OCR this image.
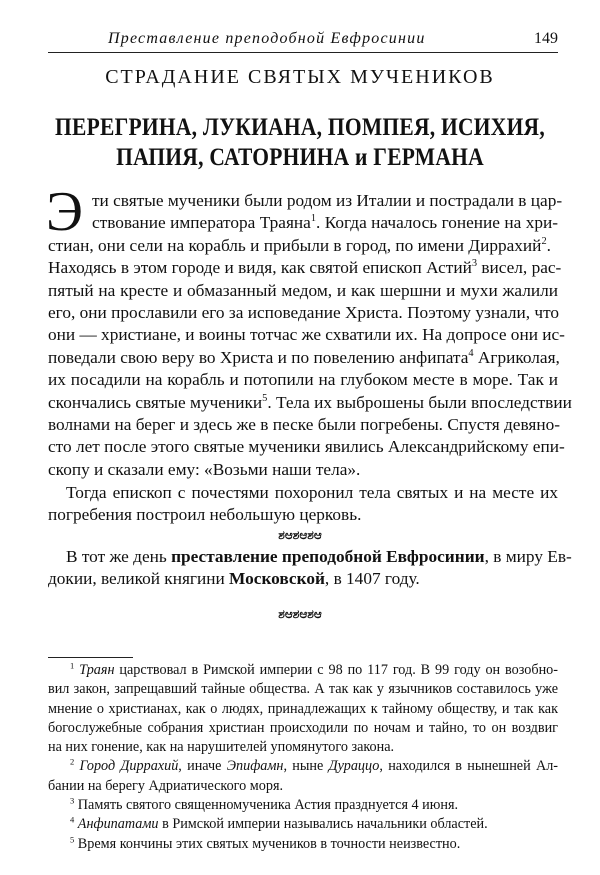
Преставление преподобной Евфросинии	149
СТРАДАНИЕ СВЯТЫХ МУЧЕНИКОВ
ПЕРЕГРИНА, ЛУКИАНА, ПОМПЕЯ, ИСИХИЯ,
ПАПИЯ, САТОРНИНА и ГЕРМАНА
Э ти святые мученики были родом из Италии и пострадали в цар-
ствование императора Траяна$^1$. Когда началось гонение на хри-
стиан, они сели на корабль и прибыли в город, по имени Диррахий$^2$.
Находясь в этом городе и видя, как святой епископ Астий$^3$ висел, рас-
пятый на кресте и обмазанный медом, и как шершни и мухи жалили
его, они прославили его за исповедание Христа. Поэтому узнали, что
они — христиане, и воины тотчас же схватили их. На допросе они ис-
поведали свою веру во Христа и по повелению анфипата$^4$ Агриколая,
их посадили на корабль и потопили на глубоком месте в море. Так и
скончались святые мученики$^5$. Тела их выброшены были впоследствии
волнами на берег и здесь же в песке были погребены. Спустя девяно-
сто лет после этого святые мученики явились Александрийскому епи-
скопу и сказали ему: «Возьми наши тела».
Тогда епископ с почестями похоронил тела святых и на месте их
погребения построил небольшую церковь.
ಶಆಶಆಶಆ
В тот же день преставление преподобной Евфросинии, в миру Ев-
докии, великой княгини Московской, в 1407 году.
ಶಆಶಆಶಆ
$^1$ Траян царствовал в Римской империи с 98 по 117 год. В 99 году он возобно-
вил закон, запрещавший тайные общества. А так как у язычников составилось уже
мнение о христианах, как о людях, принадлежащих к тайному обществу, и так как
богослужебные собрания христиан происходили по ночам и тайно, то он воздвиг
на них гонение, как на нарушителей упомянутого закона.
$^2$ Город Диррахий, иначе Эпифамн, ныне Дураццо, находился в нынешней Ал-
бании на берегу Адриатического моря.
$^3$ Память святого священномученика Астия празднуется 4 июня.
$^4$ Анфипатами в Римской империи назывались начальники областей.
$^5$ Время кончины этих святых мучеников в точности неизвестно.
